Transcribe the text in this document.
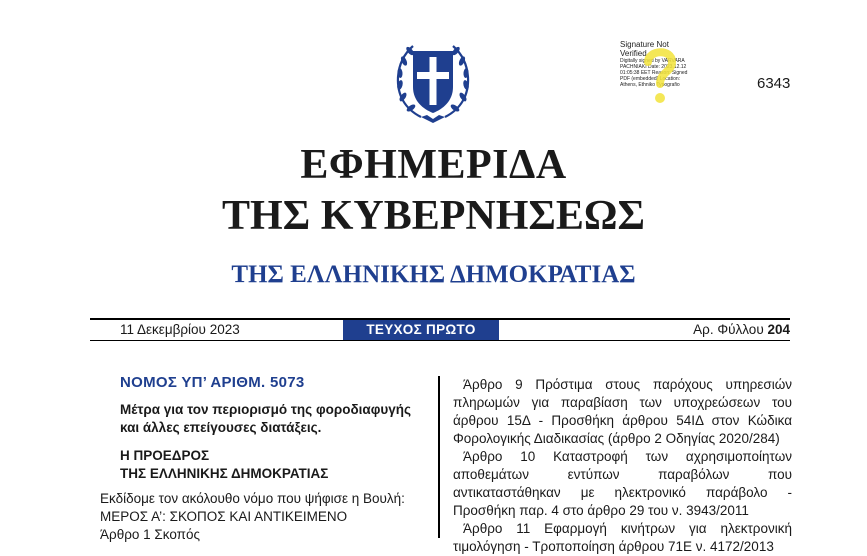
6343
Signature Not Verified
Digitally signed by VARVARA PACHNIAKI Date: 2023.12.12 01:05:38 EET Reason: Signed PDF (embedded) Location: Athens, Ethniko Typografio
ΕΦΗΜΕΡΙΔΑ
ΤΗΣ ΚΥΒΕΡΝΗΣΕΩΣ
ΤΗΣ ΕΛΛΗΝΙΚΗΣ ΔΗΜΟΚΡΑΤΙΑΣ
11 Δεκεμβρίου 2023	ΤΕΥΧΟΣ ΠΡΩΤΟ	Αρ. Φύλλου 204
ΝΟΜΟΣ ΥΠ’ ΑΡΙΘΜ. 5073
Μέτρα για τον περιορισμό της φοροδιαφυγής και άλλες επείγουσες διατάξεις.
Η ΠΡΟΕΔΡΟΣ
ΤΗΣ ΕΛΛΗΝΙΚΗΣ ΔΗΜΟΚΡΑΤΙΑΣ
Εκδίδομε τον ακόλουθο νόμο που ψήφισε η Βουλή:
ΜΕΡΟΣ Α’: ΣΚΟΠΟΣ ΚΑΙ ΑΝΤΙΚΕΙΜΕΝΟ
Άρθρο 1 Σκοπός
Άρθρο 9 Πρόστιμα στους παρόχους υπηρεσιών πληρωμών για παραβίαση των υποχρεώσεων του άρθρου 15Δ - Προσθήκη άρθρου 54ΙΔ στον Κώδικα Φορολογικής Διαδικασίας (άρθρο 2 Οδηγίας 2020/284)
Άρθρο 10 Καταστροφή των αχρησιμοποίητων αποθεμάτων εντύπων παραβόλων που αντικαταστάθηκαν με ηλεκτρονικό παράβολο - Προσθήκη παρ. 4 στο άρθρο 29 του ν. 3943/2011
Άρθρο 11 Εφαρμογή κινήτρων για ηλεκτρονική τιμολόγηση - Τροποποίηση άρθρου 71Ε ν. 4172/2013
